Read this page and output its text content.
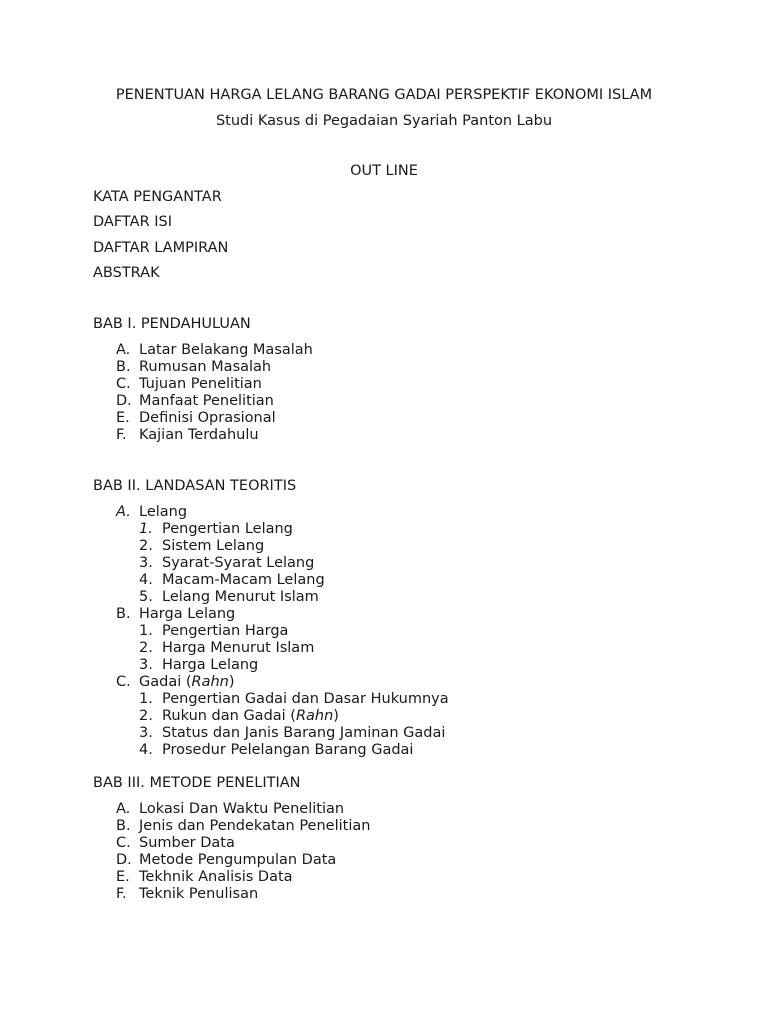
PENENTUAN HARGA LELANG BARANG GADAI PERSPEKTIF EKONOMI ISLAM
Studi Kasus di Pegadaian Syariah Panton Labu
OUT LINE
KATA PENGANTAR
DAFTAR ISI
DAFTAR LAMPIRAN
ABSTRAK
BAB I. PENDAHULUAN
A. Latar Belakang Masalah
B. Rumusan Masalah
C. Tujuan Penelitian
D. Manfaat Penelitian
E. Definisi Oprasional
F. Kajian Terdahulu
BAB II. LANDASAN TEORITIS
A. Lelang
1. Pengertian Lelang
2. Sistem Lelang
3. Syarat-Syarat Lelang
4. Macam-Macam Lelang
5. Lelang Menurut Islam
B. Harga Lelang
1. Pengertian Harga
2. Harga Menurut Islam
3. Harga Lelang
C. Gadai (Rahn)
1. Pengertian Gadai dan Dasar Hukumnya
2. Rukun dan Gadai (Rahn)
3. Status dan Janis Barang Jaminan Gadai
4. Prosedur Pelelangan Barang Gadai
BAB III. METODE PENELITIAN
A. Lokasi Dan Waktu Penelitian
B. Jenis dan Pendekatan Penelitian
C. Sumber Data
D. Metode Pengumpulan Data
E. Tekhnik Analisis Data
F. Teknik Penulisan
